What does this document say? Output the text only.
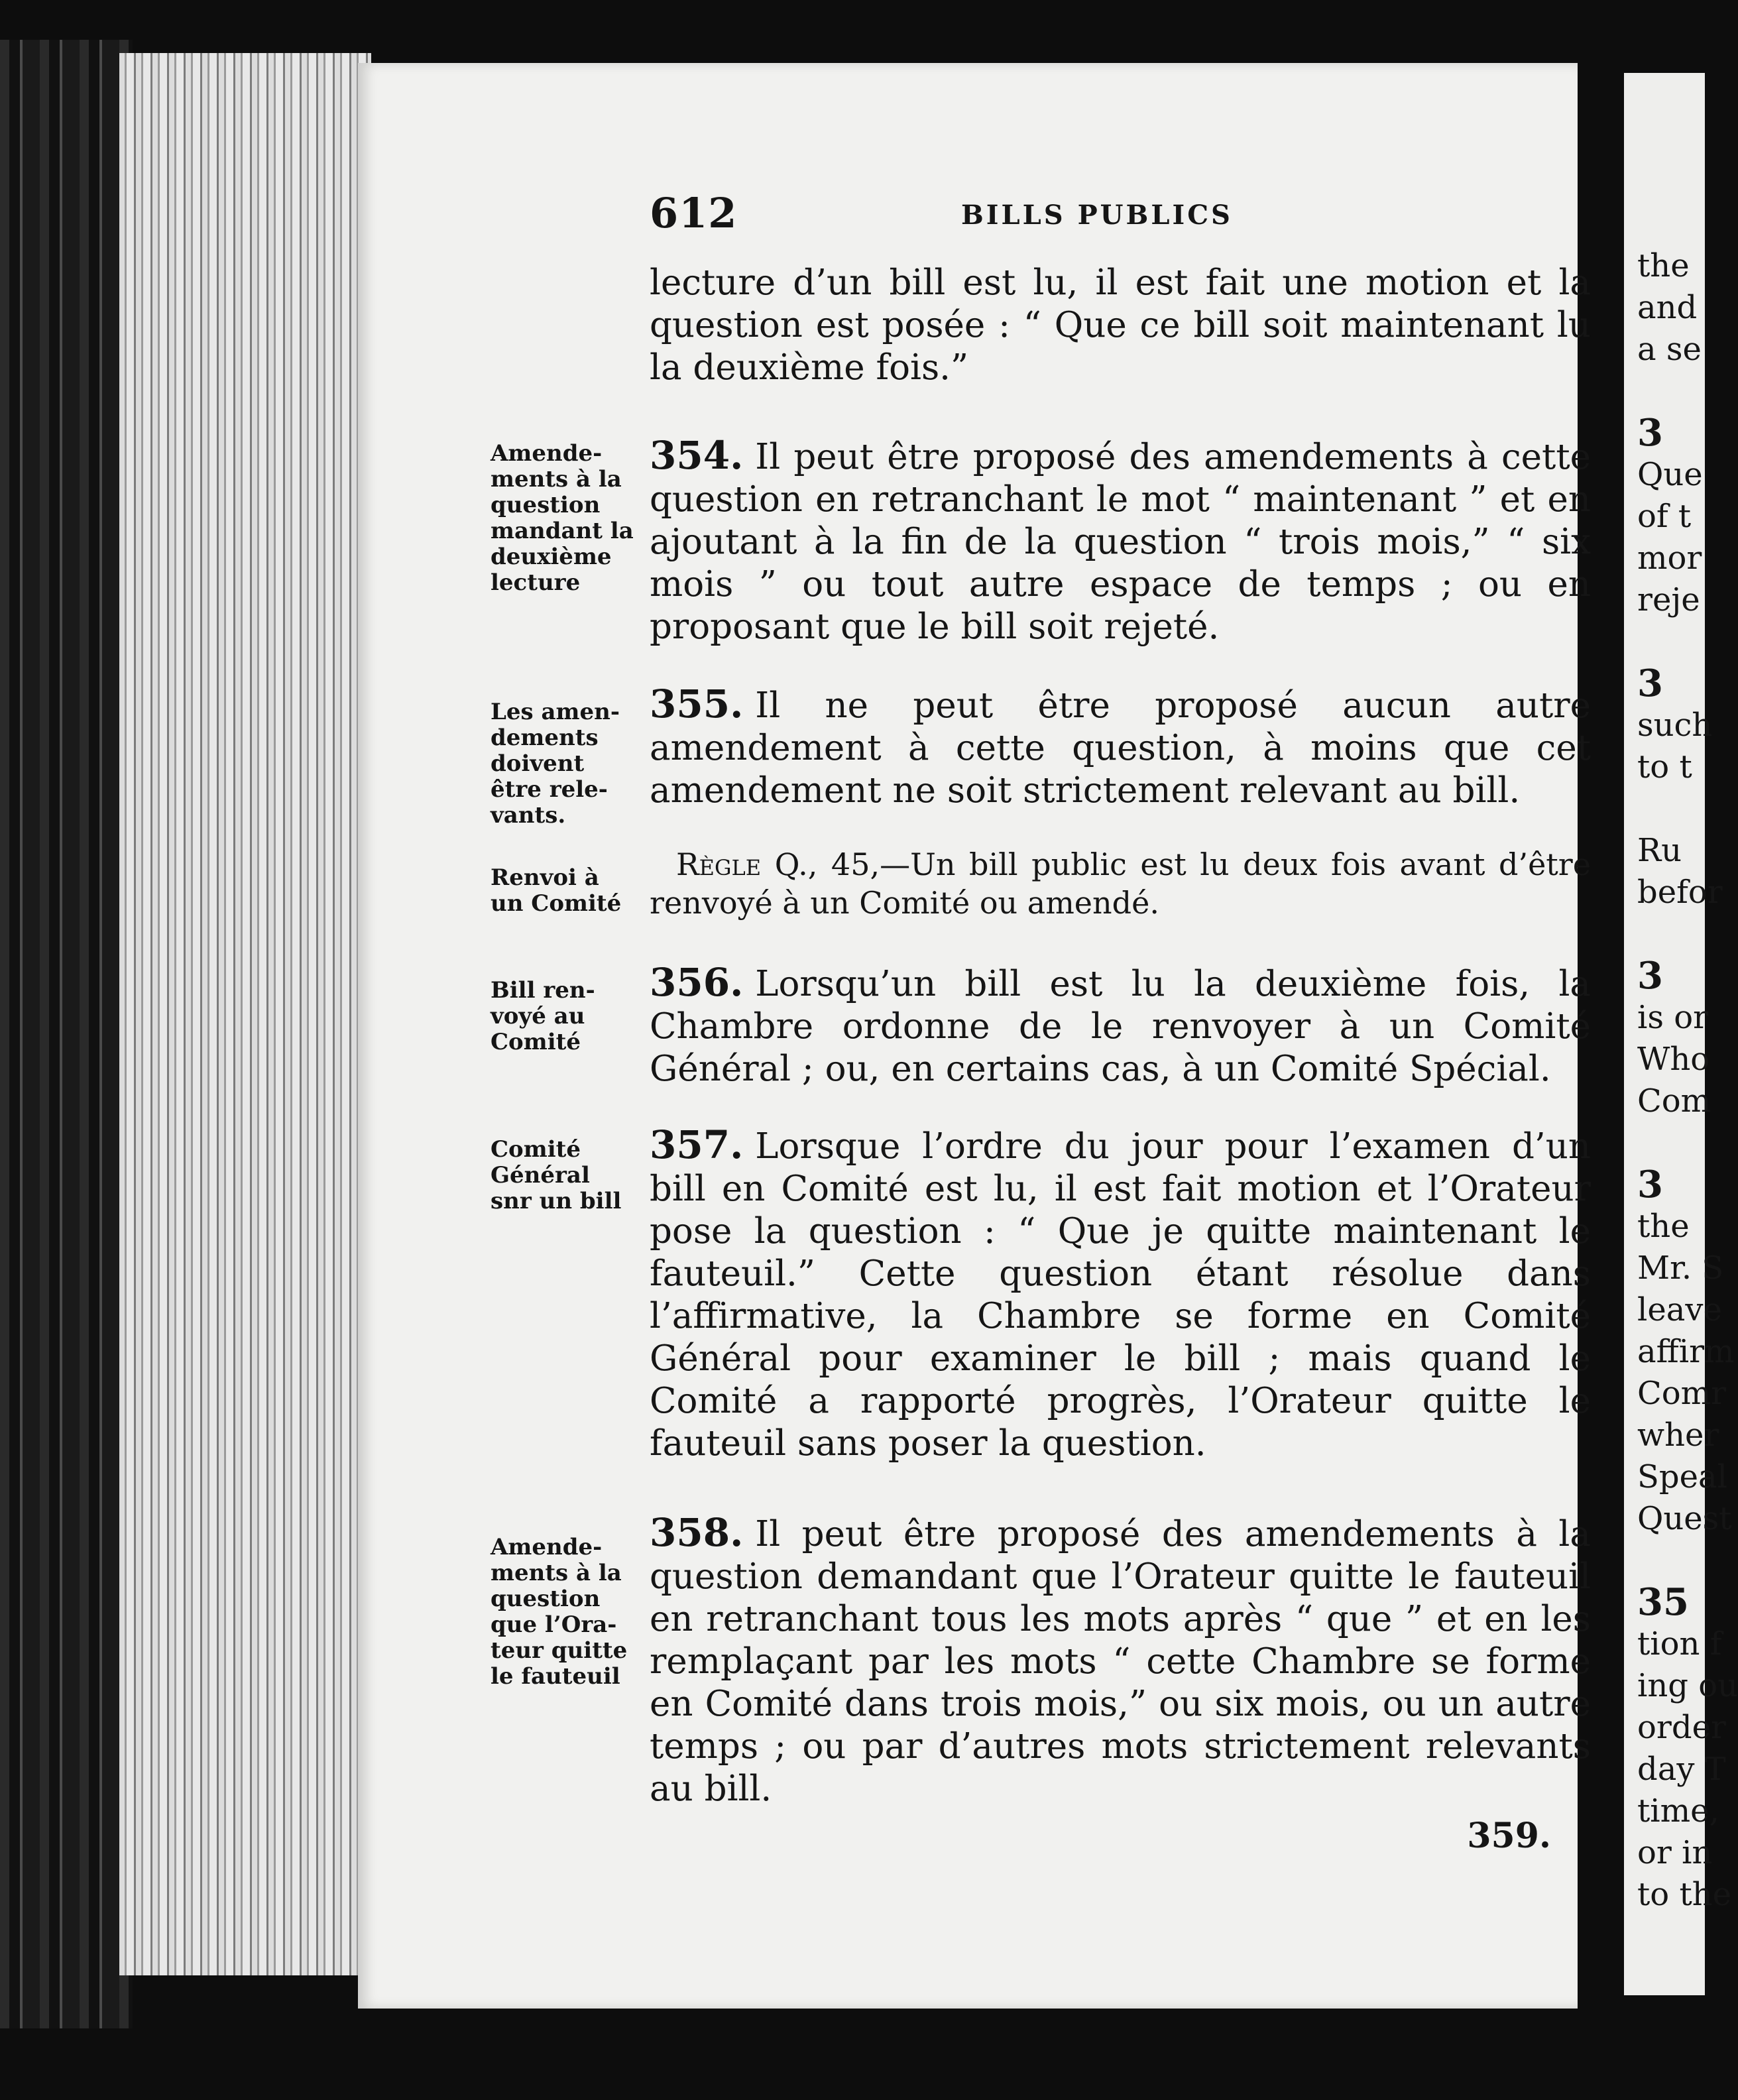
612	BILLS PUBLICS
lecture d’un bill est lu, il est fait une motion et la question est posée : “ Que ce bill soit maintenant lu la deuxième fois.”
Amende-
ments à la
question
mandant la
deuxième
lecture
354. Il peut être proposé des amendements à cette question en retranchant le mot “ maintenant ” et en ajoutant à la fin de la question “ trois mois,” “ six mois ” ou tout autre espace de temps ; ou en proposant que le bill soit rejeté.
Les amen-
dements
doivent
être rele-
vants.
355. Il ne peut être proposé aucun autre amendement à cette question, à moins que cet amendement ne soit strictement relevant au bill.
Renvoi à
un Comité
Règle Q., 45,—Un bill public est lu deux fois avant d’être renvoyé à un Comité ou amendé.
Bill ren-
voyé au
Comité
356. Lorsqu’un bill est lu la deuxième fois, la Chambre ordonne de le renvoyer à un Comité Général ; ou, en certains cas, à un Comité Spécial.
Comité
Général
snr un bill
357. Lorsque l’ordre du jour pour l’examen d’un bill en Comité est lu, il est fait motion et l’Orateur pose la question : “ Que je quitte maintenant le fauteuil.” Cette question étant résolue dans l’affirmative, la Chambre se forme en Comité Général pour examiner le bill ; mais quand le Comité a rapporté progrès, l’Orateur quitte le fauteuil sans poser la question.
Amende-
ments à la
question
que l’Ora-
teur quitte
le fauteuil
358. Il peut être proposé des amendements à la question demandant que l’Orateur quitte le fauteuil en retranchant tous les mots après “ que ” et en les remplaçant par les mots “ cette Chambre se forme en Comité dans trois mois,” ou six mois, ou un autre temps ; ou par d’autres mots strictement relevants au bill.
359.
the
and
a se

3
Que
of t
mor
reje

3
such
to t

Ru
befor

3
is or
Who
Com

3
the
Mr. S
leave
affirm
Comr
wher
Speal
Quest

35
tion f
ing ou
order
day T
time,
or in
to the
